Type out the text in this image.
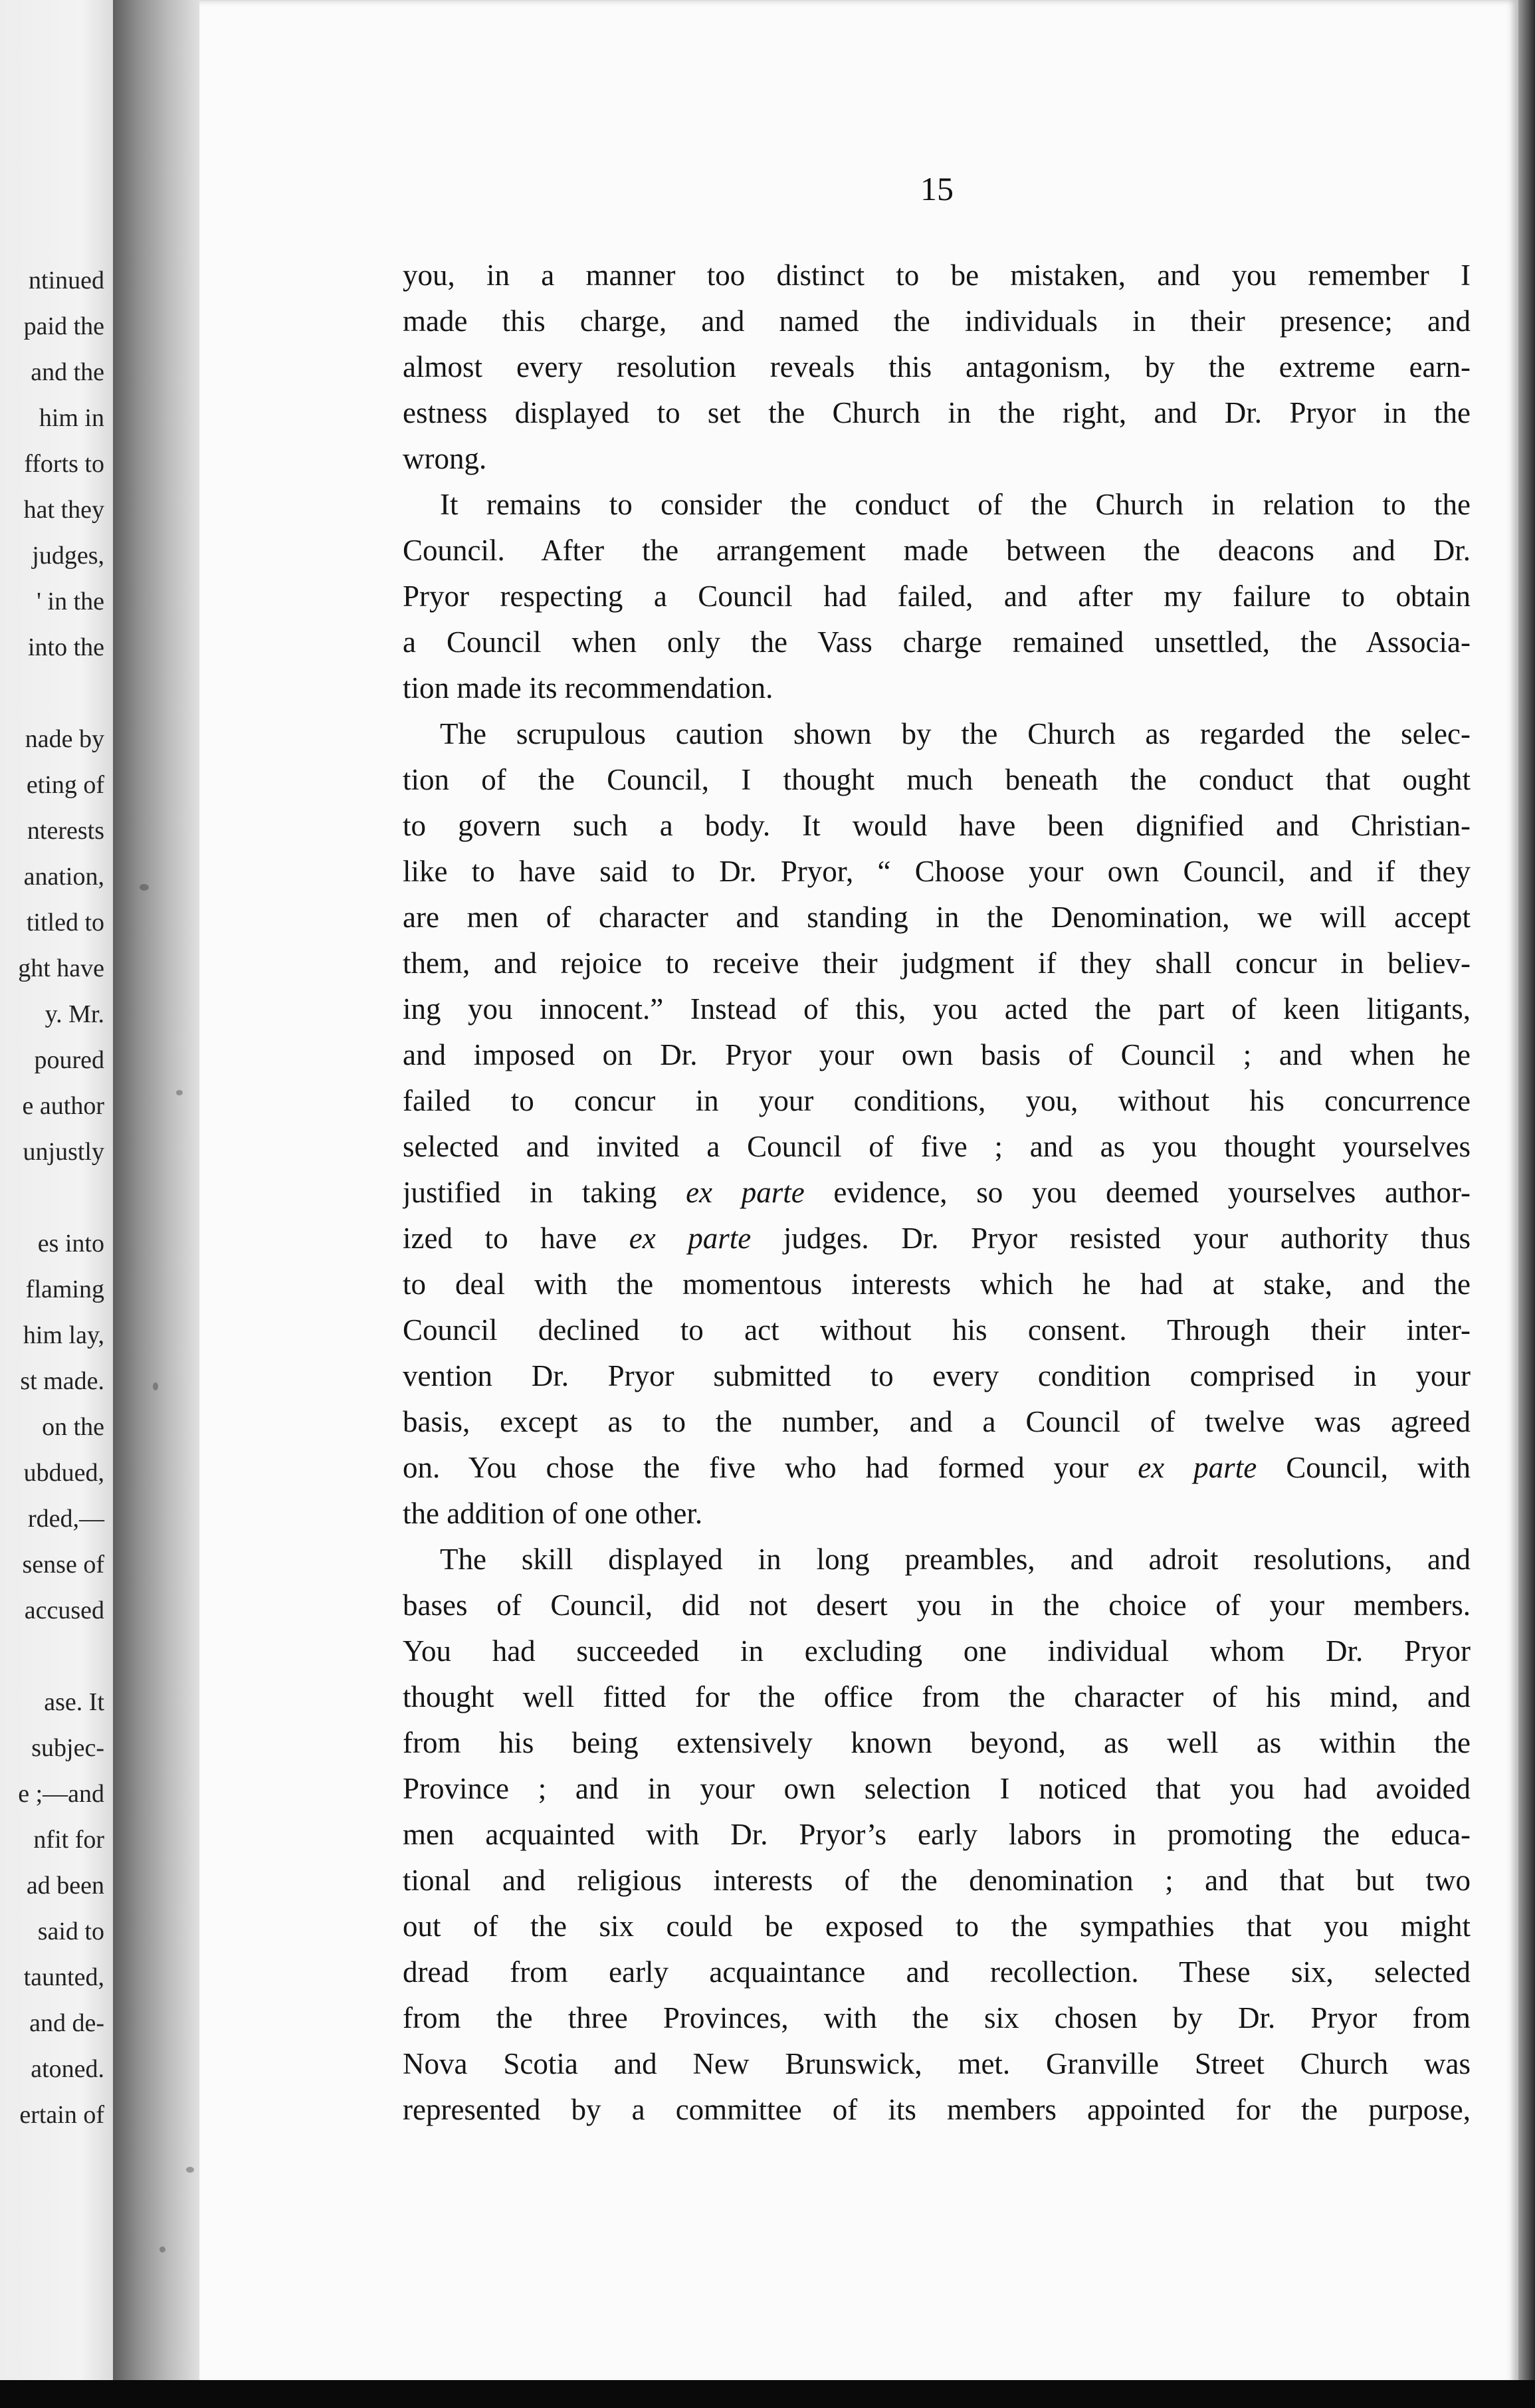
ntinued
paid the
and the
him in
fforts to
hat they
judges,
' in the
into the
nade by
eting of
nterests
anation,
titled to
ght have
y. Mr.
poured
e author
unjustly
es into
flaming
him lay,
st made.
on the
ubdued,
rded,—
sense of
accused
ase. It
subjec-
e ;—and
nfit for
ad been
said to
taunted,
and de-
atoned.
ertain of
15
you, in a manner too distinct to be mistaken, and you remember I
made this charge, and named the individuals in their presence; and
almost every resolution reveals this antagonism, by the extreme earn-
estness displayed to set the Church in the right, and Dr. Pryor in the
wrong.
It remains to consider the conduct of the Church in relation to the
Council. After the arrangement made between the deacons and Dr.
Pryor respecting a Council had failed, and after my failure to obtain
a Council when only the Vass charge remained unsettled, the Associa-
tion made its recommendation.
The scrupulous caution shown by the Church as regarded the selec-
tion of the Council, I thought much beneath the conduct that ought
to govern such a body. It would have been dignified and Christian-
like to have said to Dr. Pryor, “ Choose your own Council, and if they
are men of character and standing in the Denomination, we will accept
them, and rejoice to receive their judgment if they shall concur in believ-
ing you innocent.” Instead of this, you acted the part of keen litigants,
and imposed on Dr. Pryor your own basis of Council ; and when he
failed to concur in your conditions, you, without his concurrence
selected and invited a Council of five ; and as you thought yourselves
justified in taking ex parte evidence, so you deemed yourselves author-
ized to have ex parte judges. Dr. Pryor resisted your authority thus
to deal with the momentous interests which he had at stake, and the
Council declined to act without his consent. Through their inter-
vention Dr. Pryor submitted to every condition comprised in your
basis, except as to the number, and a Council of twelve was agreed
on. You chose the five who had formed your ex parte Council, with
the addition of one other.
The skill displayed in long preambles, and adroit resolutions, and
bases of Council, did not desert you in the choice of your members.
You had succeeded in excluding one individual whom Dr. Pryor
thought well fitted for the office from the character of his mind, and
from his being extensively known beyond, as well as within the
Province ; and in your own selection I noticed that you had avoided
men acquainted with Dr. Pryor’s early labors in promoting the educa-
tional and religious interests of the denomination ; and that but two
out of the six could be exposed to the sympathies that you might
dread from early acquaintance and recollection. These six, selected
from the three Provinces, with the six chosen by Dr. Pryor from
Nova Scotia and New Brunswick, met. Granville Street Church was
represented by a committee of its members appointed for the purpose,
